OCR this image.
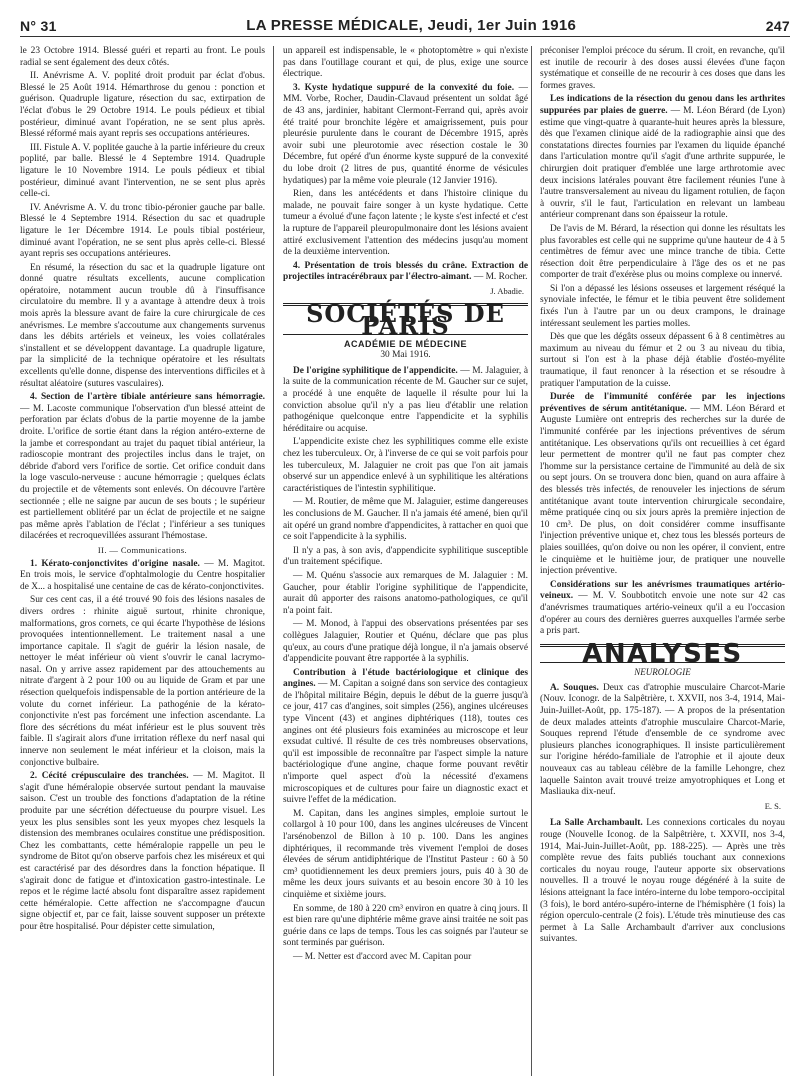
N° 31	LA PRESSE MÉDICALE, Jeudi, 1er Juin 1916	247

le 23 Octobre 1914. Blessé guéri et reparti au front. Le pouls radial se sent également des deux côtés.

II. Anévrisme A. V. poplité droit produit par éclat d'obus. Blessé le 25 Août 1914. Hémarthrose du genou : ponction et guérison. Quadruple ligature, résection du sac, extirpation de l'éclat d'obus le 29 Octobre 1914. Le pouls pédieux et tibial postérieur, diminué avant l'opération, ne se sent plus après. Blessé réformé mais ayant repris ses occupations antérieures.

III. Fistule A. V. poplitée gauche à la partie inférieure du creux poplité, par balle. Blessé le 4 Septembre 1914. Quadruple ligature le 10 Novembre 1914. Le pouls pédieux et tibial postérieur, diminué avant l'intervention, ne se sent plus après celle-ci.

IV. Anévrisme A. V. du tronc tibio-péronier gauche par balle. Blessé le 4 Septembre 1914. Résection du sac et quadruple ligature le 1er Décembre 1914. Le pouls tibial postérieur, diminué avant l'opération, ne se sent plus après celle-ci. Blessé ayant repris ses occupations antérieures.

En résumé, la résection du sac et la quadruple ligature ont donné quatre résultats excellents, aucune complication opératoire, notamment aucun trouble dû à l'insuffisance circulatoire du membre. Il y a avantage à attendre deux à trois mois après la blessure avant de faire la cure chirurgicale de ces anévrismes. Le membre s'accoutume aux changements survenus dans les débits artériels et veineux, les voies collatérales s'installent et se développent davantage. La quadruple ligature, par la simplicité de la technique opératoire et les résultats excellents qu'elle donne, dispense des interventions difficiles et à résultat aléatoire (sutures vasculaires).

4. Section de l'artère tibiale antérieure sans hémorragie. — M. Lacoste communique l'observation d'un blessé atteint de perforation par éclats d'obus de la partie moyenne de la jambe droite. L'orifice de sortie étant dans la région antéro-externe de la jambe et correspondant au trajet du paquet tibial antérieur, la radioscopie montrant des projectiles inclus dans le trajet, on débride d'abord vers l'orifice de sortie. Cet orifice conduit dans la loge vasculo-nerveuse : aucune hémorragie ; quelques éclats du projectile et de vêtements sont enlevés. On découvre l'artère sectionnée ; elle ne saigne par aucun de ses bouts ; le supérieur est partiellement oblitéré par un éclat de projectile et ne saigne pas même après l'ablation de l'éclat ; l'inférieur a ses tuniques dilacérées et recroquevillées assurant l'hémostase.

II. — Communications.

1. Kérato-conjonctivites d'origine nasale. — M. Magitot. En trois mois, le service d'ophtalmologie du Centre hospitalier de X... a hospitalisé une centaine de cas de kérato-conjonctivites.

Sur ces cent cas, il a été trouvé 90 fois des lésions nasales de divers ordres : rhinite aiguë surtout, rhinite chronique, malformations, gros cornets, ce qui écarte l'hypothèse de lésions provoquées intentionnellement. Le traitement nasal a une importance capitale. Il s'agit de guérir la lésion nasale, de nettoyer le méat inférieur où vient s'ouvrir le canal lacrymo-nasal. On y arrive assez rapidement par des attouchements au nitrate d'argent à 2 pour 100 ou au liquide de Gram et par une résection quelquefois indispensable de la portion antérieure de la volute du cornet inférieur. La pathogénie de la kérato-conjonctivite n'est pas forcément une infection ascendante. La flore des sécrétions du méat inférieur est le plus souvent très faible. Il s'agirait alors d'une irritation réflexe du nerf nasal qui innerve non seulement le méat inférieur et la cloison, mais la conjonctive bulbaire.

2. Cécité crépusculaire des tranchées. — M. Magitot. Il s'agit d'une héméralopie observée surtout pendant la mauvaise saison. C'est un trouble des fonctions d'adaptation de la rétine produite par une sécrétion défectueuse du pourpre visuel. Les yeux les plus sensibles sont les yeux myopes chez lesquels la distension des membranes oculaires constitue une prédisposition. Chez les combattants, cette héméralopie rappelle un peu le syndrome de Bitot qu'on observe parfois chez les miséreux et qui est caractérisé par des désordres dans la fonction hépatique. Il s'agirait donc de fatigue et d'intoxication gastro-intestinale. Le repos et le régime lacté absolu font disparaître assez rapidement cette héméralopie. Cette affection ne s'accompagne d'aucun signe objectif et, par ce fait, laisse souvent supposer un prétexte pour être hospitalisé. Pour dépister cette simulation,

un appareil est indispensable, le « photoptomètre » qui n'existe pas dans l'outillage courant et qui, de plus, exige une source électrique.

3. Kyste hydatique suppuré de la convexité du foie. — MM. Vorbe, Rocher, Daudin-Clavaud présentent un soldat âgé de 43 ans, jardinier, habitant Clermont-Ferrand qui, après avoir été traité pour bronchite légère et amaigrissement, puis pour pleurésie purulente dans le courant de Décembre 1915, après avoir subi une pleurotomie avec résection costale le 30 Décembre, fut opéré d'un énorme kyste suppuré de la convexité du lobe droit (2 litres de pus, quantité énorme de vésicules hydatiques) par la même voie pleurale (12 Janvier 1916).

Rien, dans les antécédents et dans l'histoire clinique du malade, ne pouvait faire songer à un kyste hydatique. Cette tumeur a évolué d'une façon latente ; le kyste s'est infecté et c'est la rupture de l'appareil pleuropulmonaire dont les lésions avaient attiré exclusivement l'attention des médecins jusqu'au moment de la deuxième intervention.

4. Présentation de trois blessés du crâne. Extraction de projectiles intracérébraux par l'électro-aimant. — M. Rocher.

J. Abadie.
SOCIÉTÉS DE PARIS
ACADÉMIE DE MÉDECINE
30 Mai 1916.

De l'origine syphilitique de l'appendicite. — M. Jalaguier, à la suite de la communication récente de M. Gaucher sur ce sujet, a procédé à une enquête de laquelle il résulte pour lui la conviction absolue qu'il n'y a pas lieu d'établir une relation pathogénique quelconque entre l'appendicite et la syphilis héréditaire ou acquise.

L'appendicite existe chez les syphilitiques comme elle existe chez les tuberculeux. Or, à l'inverse de ce qui se voit parfois pour les tuberculeux, M. Jalaguier ne croit pas que l'on ait jamais observé sur un appendice enlevé à un syphilitique les altérations caractéristiques de l'intestin syphilitique.

— M. Routier, de même que M. Jalaguier, estime dangereuses les conclusions de M. Gaucher. Il n'a jamais été amené, bien qu'il ait opéré un grand nombre d'appendicites, à rattacher en quoi que ce soit l'appendicite à la syphilis.

Il n'y a pas, à son avis, d'appendicite syphilitique susceptible d'un traitement spécifique.

— M. Quénu s'associe aux remarques de M. Jalaguier : M. Gaucher, pour établir l'origine syphilitique de l'appendicite, aurait dû apporter des raisons anatomo-pathologiques, ce qu'il n'a point fait.

— M. Monod, à l'appui des observations présentées par ses collègues Jalaguier, Routier et Quénu, déclare que pas plus qu'eux, au cours d'une pratique déjà longue, il n'a jamais observé d'appendicite pouvant être rapportée à la syphilis.

Contribution à l'étude bactériologique et clinique des angines. — M. Capitan a soigné dans son service des contagieux de l'hôpital militaire Bégin, depuis le début de la guerre jusqu'à ce jour, 417 cas d'angines, soit simples (256), angines ulcéreuses type Vincent (43) et angines diphtériques (118), toutes ces angines ont été plusieurs fois examinées au microscope et leur exsudat cultivé. Il résulte de ces très nombreuses observations, qu'il est impossible de reconnaître par l'aspect simple la nature bactériologique d'une angine, chaque forme pouvant revêtir n'importe quel aspect d'où la nécessité d'examens microscopiques et de cultures pour faire un diagnostic exact et suivre l'effet de la médication.

M. Capitan, dans les angines simples, emploie surtout le collargol à 10 pour 100, dans les angines ulcéreuses de Vincent l'arsénobenzol de Billon à 10 p. 100. Dans les angines diphtériques, il recommande très vivement l'emploi de doses élevées de sérum antidiphtérique de l'Institut Pasteur : 60 à 50 cm³ quotidiennement les deux premiers jours, puis 40 à 30 de même les deux jours suivants et au besoin encore 30 à 10 les cinquième et sixième jours.

En somme, de 180 à 220 cm³ environ en quatre à cinq jours. Il est bien rare qu'une diphtérie même grave ainsi traitée ne soit pas guérie dans ce laps de temps. Tous les cas soignés par l'auteur se sont terminés par guérison.

— M. Netter est d'accord avec M. Capitan pour

préconiser l'emploi précoce du sérum. Il croit, en revanche, qu'il est inutile de recourir à des doses aussi élevées d'une façon systématique et conseille de ne recourir à ces doses que dans les formes graves.

Les indications de la résection du genou dans les arthrites suppurées par plaies de guerre. — M. Léon Bérard (de Lyon) estime que vingt-quatre à quarante-huit heures après la blessure, dès que l'examen clinique aidé de la radiographie ainsi que des constatations directes fournies par l'examen du liquide épanché dans l'articulation montre qu'il s'agit d'une arthrite suppurée, le chirurgien doit pratiquer d'emblée une large arthrotomie avec deux incisions latérales pouvant être facilement réunies l'une à l'autre transversalement au niveau du ligament rotulien, de façon à ouvrir, s'il le faut, l'articulation en relevant un lambeau antérieur comprenant dans son épaisseur la rotule.

De l'avis de M. Bérard, la résection qui donne les résultats les plus favorables est celle qui ne supprime qu'une hauteur de 4 à 5 centimètres de fémur avec une mince tranche de tibia. Cette résection doit être perpendiculaire à l'âge des os et ne pas comporter de trait d'exérèse plus ou moins complexe ou innervé.

Si l'on a dépassé les lésions osseuses et largement réséqué la synoviale infectée, le fémur et le tibia peuvent être solidement fixés l'un à l'autre par un ou deux crampons, le drainage intéressant seulement les parties molles.

Dès que que les dégâts osseux dépassent 6 à 8 centimètres au maximum au niveau du fémur et 2 ou 3 au niveau du tibia, surtout si l'on est à la phase déjà établie d'ostéo-myélite traumatique, il faut renoncer à la résection et se résoudre à pratiquer l'amputation de la cuisse.

Durée de l'immunité conférée par les injections préventives de sérum antitétanique. — MM. Léon Bérard et Auguste Lumière ont entrepris des recherches sur la durée de l'immunité conférée par les injections préventives de sérum antitétanique. Les observations qu'ils ont recueillies à cet égard leur permettent de montrer qu'il ne faut pas compter chez l'homme sur la persistance certaine de l'immunité au delà de six ou sept jours. On se trouvera donc bien, quand on aura affaire à des blessés très infectés, de renouveler les injections de sérum antitétanique avant toute intervention chirurgicale secondaire, même pratiquée cinq ou six jours après la première injection de 10 cm³. De plus, on doit considérer comme insuffisante l'injection préventive unique et, chez tous les blessés porteurs de plaies souillées, qu'on doive ou non les opérer, il convient, entre le cinquième et le huitième jour, de pratiquer une nouvelle injection préventive.

Considérations sur les anévrismes traumatiques artério-veineux. — M. V. Soubbotitch envoie une note sur 42 cas d'anévrismes traumatiques artério-veineux qu'il a eu l'occasion d'opérer au cours des dernières guerres auxquelles l'armée serbe a pris part.

ANALYSES
NEUROLOGIE

A. Souques. Deux cas d'atrophie musculaire Charcot-Marie (Nouv. Iconogr. de la Salpêtrière, t. XXVII, nos 3-4, 1914, Mai-Juin-Juillet-Août, pp. 175-187). — A propos de la présentation de deux malades atteints d'atrophie musculaire Charcot-Marie, Souques reprend l'étude d'ensemble de ce syndrome avec plusieurs planches iconographiques. Il insiste particulièrement sur l'origine hérédo-familiale de l'atrophie et il ajoute deux nouveaux cas au tableau célèbre de la famille Lehongre, chez laquelle Sainton avait trouvé treize amyotrophiques et Long et Masliauka dix-neuf.

E. S.

La Salle Archambault. Les connexions corticales du noyau rouge (Nouvelle Iconog. de la Salpêtrière, t. XXVII, nos 3-4, 1914, Mai-Juin-Juillet-Août, pp. 188-225). — Après une très complète revue des faits publiés touchant aux connexions corticales du noyau rouge, l'auteur apporte six observations nouvelles. Il a trouvé le noyau rouge dégénéré à la suite de lésions atteignant la face intéro-interne du lobe temporo-occipital (3 fois), le bord antéro-supéro-interne de l'hémisphère (1 fois) la région operculo-centrale (2 fois). L'étude très minutieuse des cas permet à La Salle Archambault d'arriver aux conclusions suivantes.
